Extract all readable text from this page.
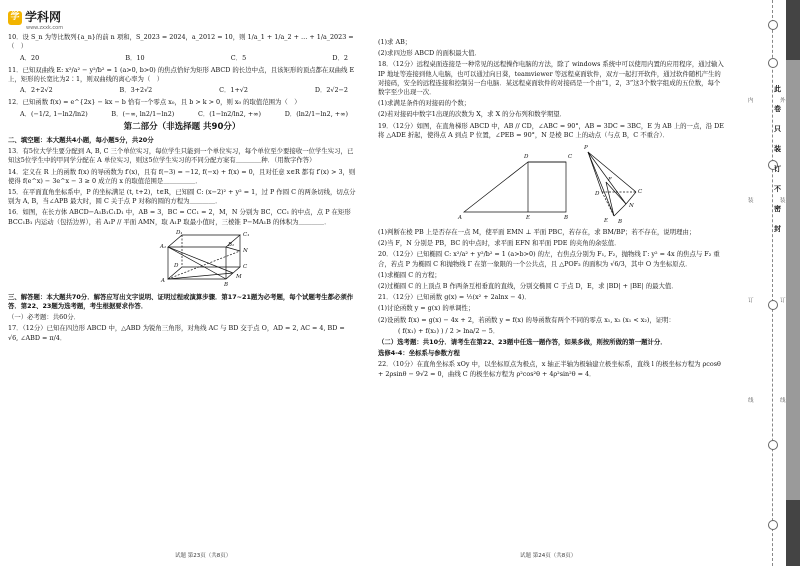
学 学科网
www.zxxk.com
10．设 S_n 为等比数列{a_n}的前 n 项和，S_2023 = 2024，a_2012 = 10，则 1/a_1 + 1/a_2 + … + 1/a_2023 = （　）
A．20	B．10	C．5	D．2
11．已知双曲线 E: x²/a² − y²/b² = 1 (a>0, b>0) 的焦点恰好为矩形 ABCD 的长边中点，且该矩形的顶点都在双曲线 E 上，矩形的长宽比为2∶1，则双曲线的离心率为（　）
A．2+2√2	B．3+2√2	C．1+√2	D．2√2−2
12．已知函数 f(x) = e^{2x} − kx − b 恰有一个零点 x₀，且 b > k > 0，则 x₀ 的取值范围为（　）
A．(−1/2, 1−ln2/ln2)	B．(−∞, ln2/1−ln2)	C．(1−ln2/ln2, +∞)	D．(ln2/1−ln2, +∞)
第二部分（非选择题 共90分）
二、填空题：本大题共4小题，每小题5分，共20分
13．有5位大学生要分配到 A, B, C 三个单位实习，每位学生只能到一个单位实习，每个单位至少要接收一位学生实习，已知这5位学生中的甲同学分配在 A 单位实习，则这5位学生实习的不同分配方案有＿＿＿＿种．（用数字作答）
14．定义在 R 上的函数 f(x) 的导函数为 f′(x)，且有 f(−3) = −12, f(−x) + f(x) = 0，且对任意 x∈R 都有 f′(x) > 3，则使得 f(e^x) − 3e^x − 3 ≥ 0 成立的 x 的取值范围是＿＿＿＿＿．
15．在平面直角坐标系中，P 的坐标满足 (t, t+2)，t∈R，已知圆 C: (x−2)² + y² = 1，过 P 作圆 C 的两条切线，切点分别为 A, B，当∠APB 最大时，圆 C 关于点 P 对称的圆的方程为＿＿＿＿．
16．如图，在长方体 ABCD−A₁B₁C₁D₁ 中，AB = 3，BC = CC₁ = 2，M，N 分别为 BC，CC₁ 的中点，点 P 在矩形 BCC₁B₁ 内运动（包括边界），若 A₁P // 平面 AMN，取 A₁P 取最小值时，三棱锥 P−MA₁B 的体积为＿＿＿＿．
D₁	C₁
A₁	B₁
D	C
N
A
B
M
三、解答题：本大题共70分．解答应写出文字说明、证明过程或演算步骤．第17~21题为必考题，每个试题考生都必须作答．第22、23题为选考题，考生根据要求作答．
（一）必考题：共60分．
17．（12分）已知在四边形 ABCD 中，△ABD 为锐角三角形，对角线 AC 与 BD 交于点 O，AD = 2, AC = 4, BD = √6, ∠ABD = π/4．
试题 第23页（共8页）
(1)求 AB；
(2)求四边形 ABCD 的面积最大值．
18．（12分）远程桌面连接是一种常见的远程操作电脑的方法，除了 windows 系统中可以使用内置的应用程序，通过输入 IP 地址等连接到他人电脑，也可以通过向日葵，teamviewer 等远程桌面软件，双方一起打开软件，通过软件随机产生的对接码，安全的远程连接和控制另一台电脑．某远程桌面软件的对接码是一个由“1，2，3”这3个数字组成的五位数，每个数字至少出现一次．
(1)求满足条件的对接码的个数；
(2)若对接码中数字1出现的次数为 X，求 X 的分布列和数学期望．
19．（12分）如图，在直角梯形 ABCD 中，AB // CD，∠ABC = 90°，AB = 3DC = 3BC，E 为 AB 上的一点，沿 DE 将 △ADE 折起，使得点 A 到点 P 位置，∠PEB = 90°，N 是棱 BC 上的动点（与点 B，C 不重合）．
D	C
A	E	B
P
F
D	C
N
E B
(1)判断在棱 PB 上是否存在一点 M，使平面 EMN ⊥ 平面 PBC，若存在，求 BM/BP；若不存在，说明理由；
(2)当 F，N 分别是 PB，BC 的中点时，求平面 EFN 和平面 PDE 的夹角的余弦值．
20．（12分）已知椭圆 C: x²/a² + y²/b² = 1 (a>b>0) 的左，右焦点分别为 F₁, F₂，抛物线 Γ: y² = 4x 的焦点与 F₂ 重合，若点 P 为椭圆 C 和抛物线 Γ 在第一象限的一个公共点，且 △POF₂ 的面积为 √6/3，其中 O 为坐标原点．
(1)求椭圆 C 的方程；
(2)过椭圆 C 的上顶点 B 作两条互相垂直的直线，分别交椭圆 C 于点 D，E，求 |BD| + |BE| 的最大值．
21．（12分）已知函数 g(x) = ½(x² + 2alnx − 4)．
(1)讨论函数 y = g(x) 的单调性；
(2)设函数 f(x) = g(x) − 4x + 2，若函数 y = f(x) 的导函数有两个不同的零点 x₁, x₂ (x₁ < x₂)，证明：
( f(x₁) + f(x₂) ) / 2 > lna/2 − 5．
（二）选考题：共10分．请考生在第22、23题中任选一题作答，如果多做，则按所做的第一题计分．
选修4-4：坐标系与参数方程
22．（10分）在直角坐标系 xOy 中，以坐标原点为极点，x 轴正半轴为极轴建立极坐标系，直线 l 的极坐标方程为 ρcosθ + 2ρsinθ − 9√2 = 0，曲线 C 的极坐标方程为 ρ²cos²θ + 4ρ²sin²θ = 4．
试题 第24页（共8页）
此
卷
只
装
订
不
密
封
内
装
订
线
外
装
订
线
